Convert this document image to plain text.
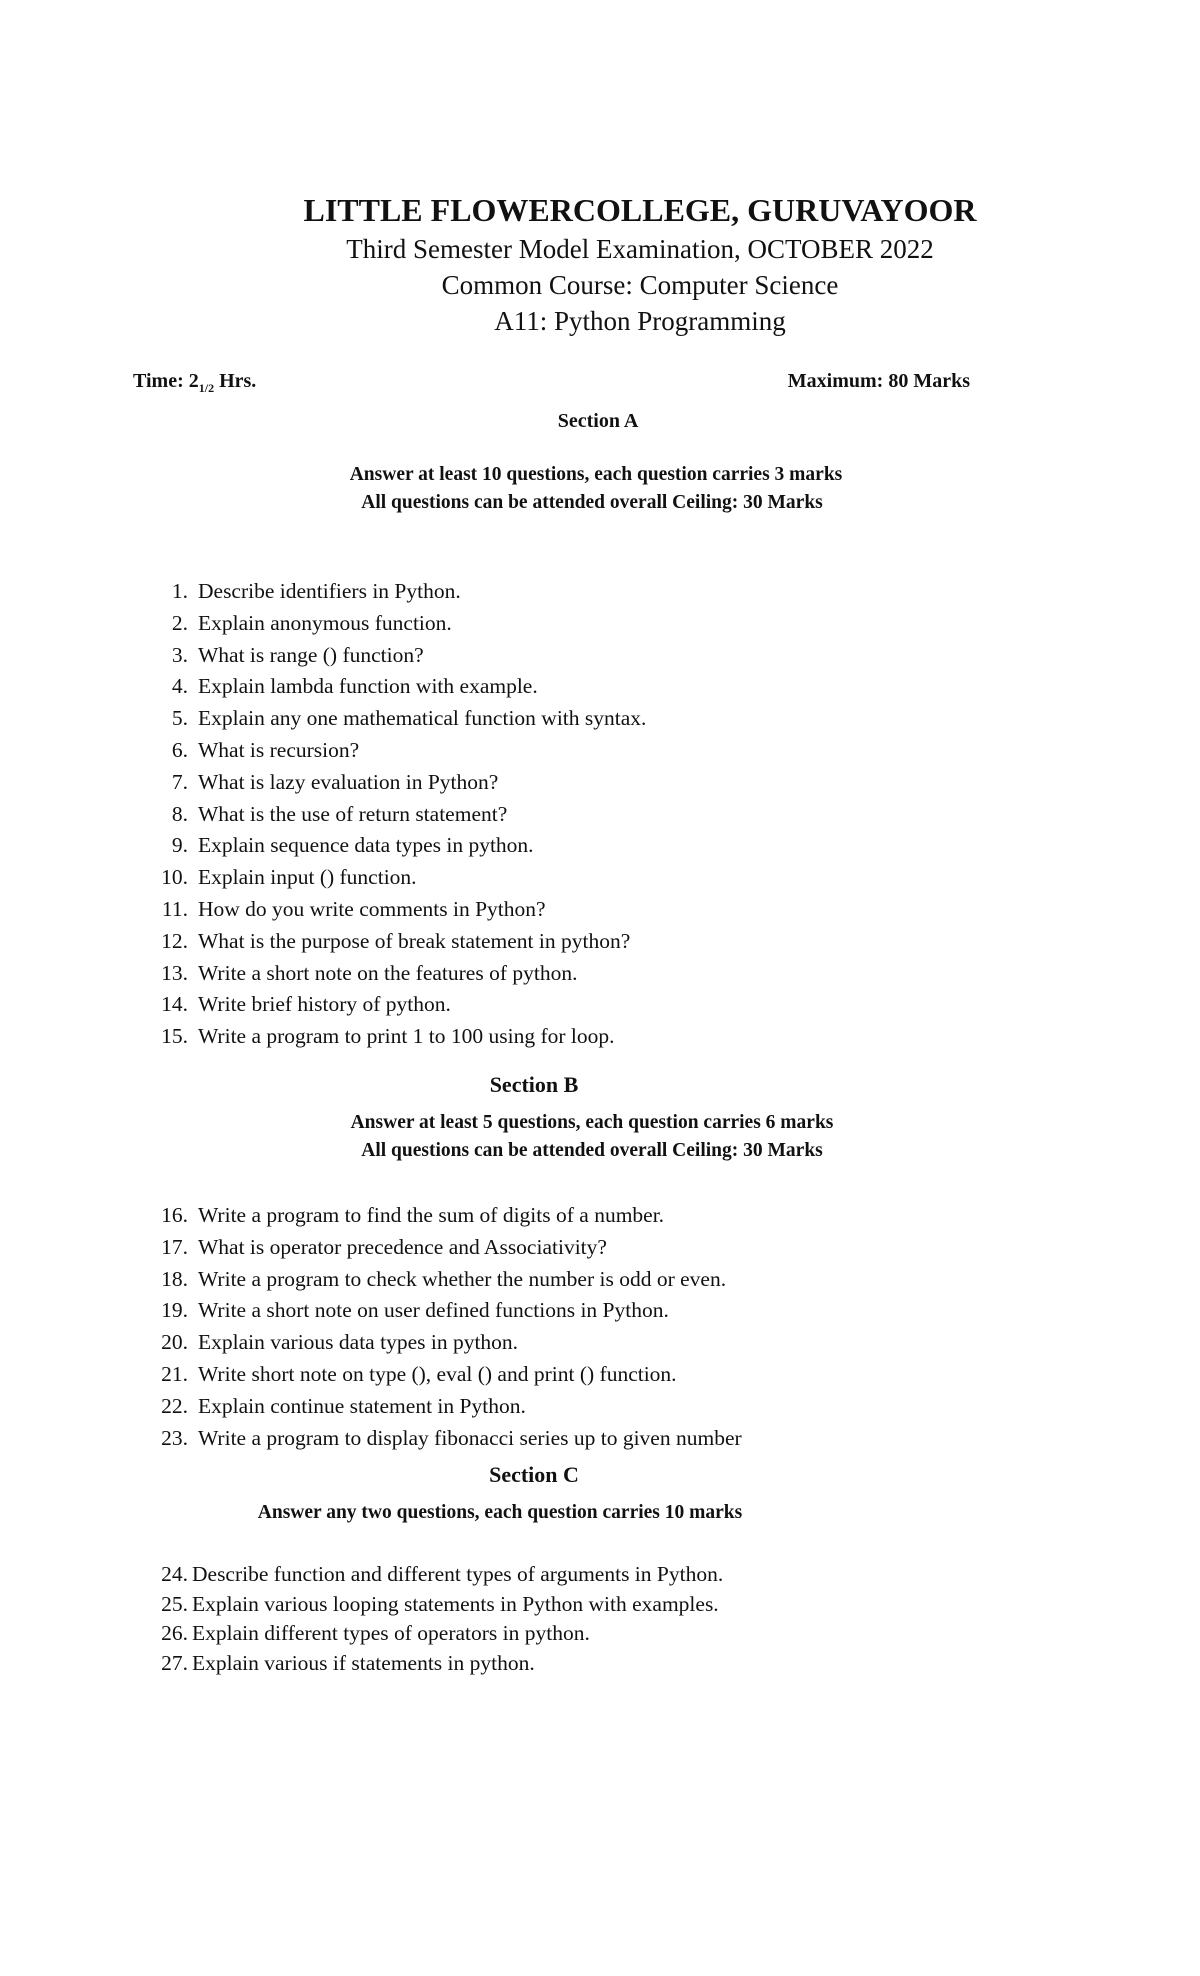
LITTLE FLOWERCOLLEGE, GURUVAYOOR
Third Semester Model Examination, OCTOBER 2022
Common Course: Computer Science
A11: Python Programming
Time: $2_{1/2}$ Hrs.	Maximum: 80 Marks
Section A
Answer at least 10 questions, each question carries 3 marks
All questions can be attended overall Ceiling: 30 Marks
1. Describe identifiers in Python.
2. Explain anonymous function.
3. What is range () function?
4. Explain lambda function with example.
5. Explain any one mathematical function with syntax.
6. What is recursion?
7. What is lazy evaluation in Python?
8. What is the use of return statement?
9. Explain sequence data types in python.
10. Explain input () function.
11. How do you write comments in Python?
12. What is the purpose of break statement in python?
13. Write a short note on the features of python.
14. Write brief history of python.
15. Write a program to print 1 to 100 using for loop.
Section B
Answer at least 5 questions, each question carries 6 marks
All questions can be attended overall Ceiling: 30 Marks
16. Write a program to find the sum of digits of a number.
17. What is operator precedence and Associativity?
18. Write a program to check whether the number is odd or even.
19. Write a short note on user defined functions in Python.
20. Explain various data types in python.
21. Write short note on type (), eval () and print () function.
22. Explain continue statement in Python.
23. Write a program to display fibonacci series up to given number
Section C
Answer any two questions, each question carries 10 marks
24. Describe function and different types of arguments in Python.
25. Explain various looping statements in Python with examples.
26. Explain different types of operators in python.
27. Explain various if statements in python.
